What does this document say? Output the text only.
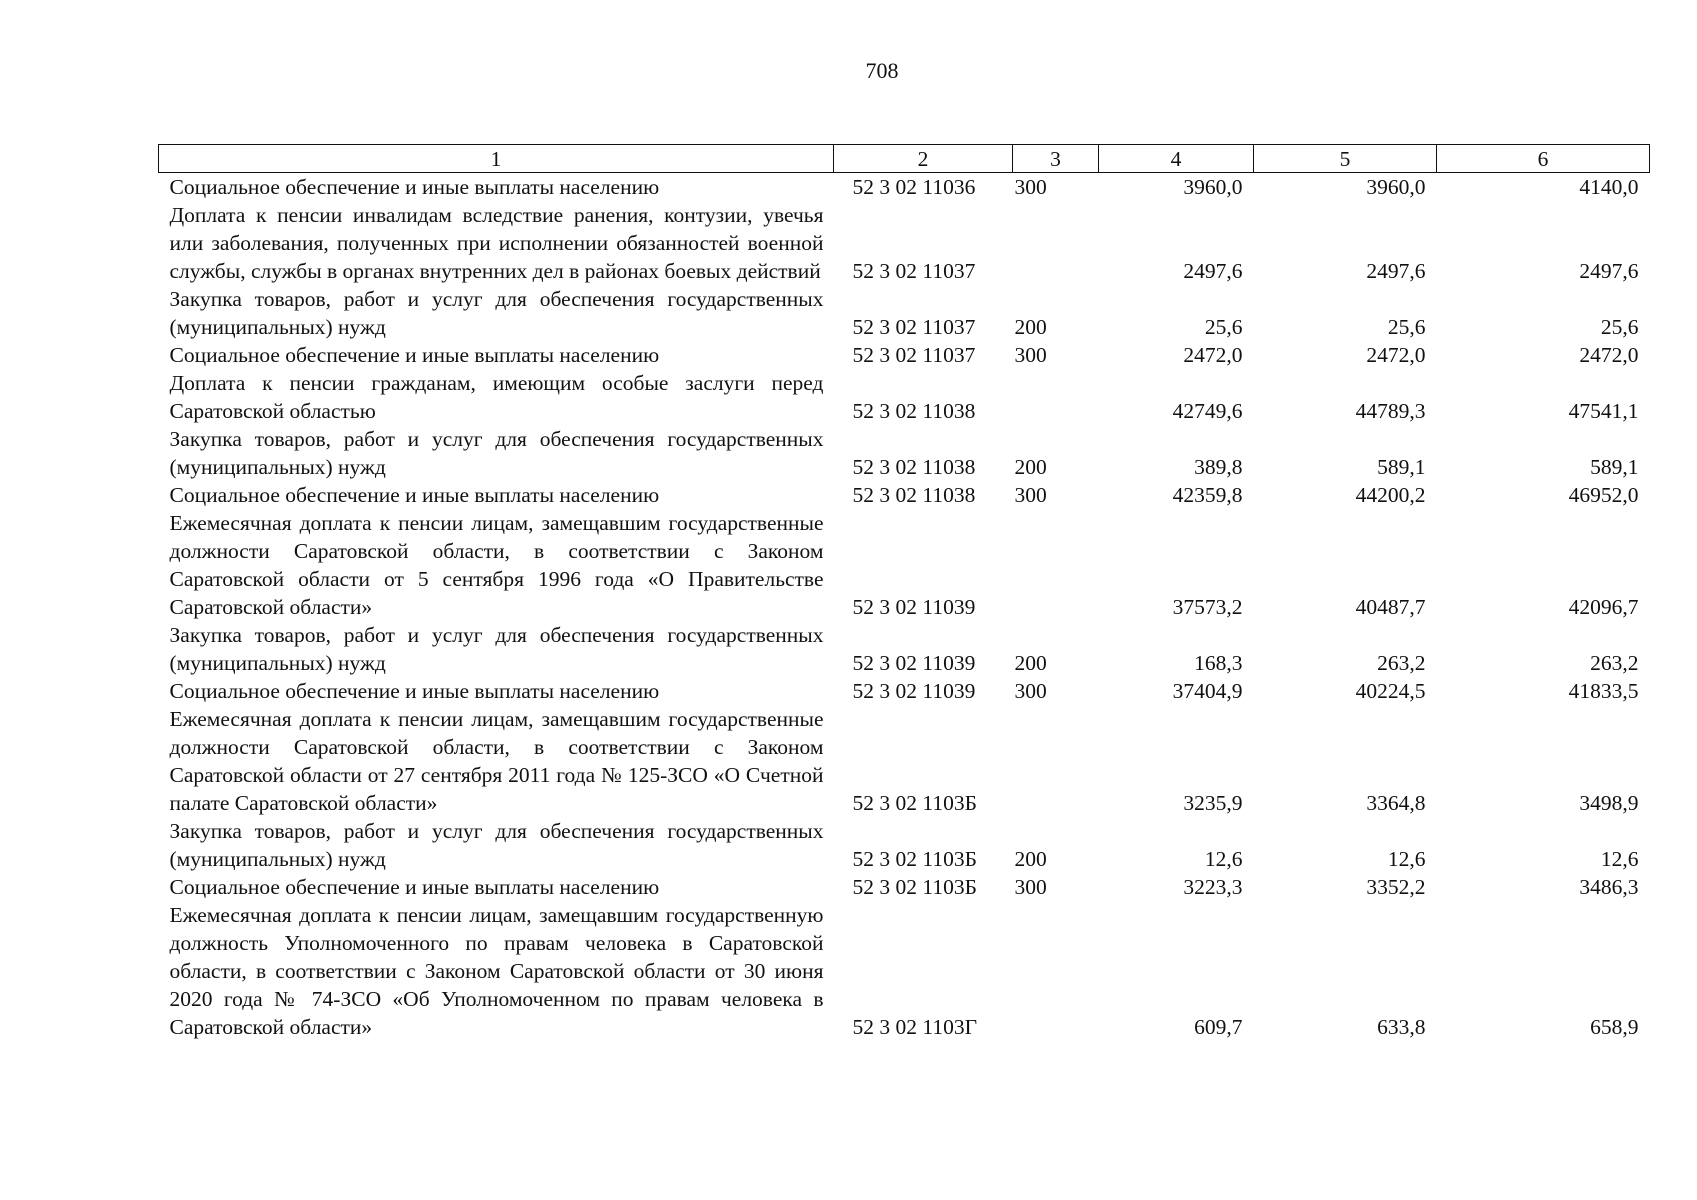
708
1	2	3	4	5	6

Социальное обеспечение и иные выплаты населению	52 3 02 11036	300	3960,0	3960,0	4140,0

Доплата к пенсии инвалидам вследствие ранения, контузии, увечья или заболевания, полученных при исполнении обязанностей военной службы, службы в органах внутренних дел в районах боевых действий	52 3 02 11037		2497,6	2497,6	2497,6

Закупка товаров, работ и услуг для обеспечения государственных (муниципальных) нужд	52 3 02 11037	200	25,6	25,6	25,6

Социальное обеспечение и иные выплаты населению	52 3 02 11037	300	2472,0	2472,0	2472,0

Доплата к пенсии гражданам, имеющим особые заслуги перед Саратовской областью	52 3 02 11038		42749,6	44789,3	47541,1

Закупка товаров, работ и услуг для обеспечения государственных (муниципальных) нужд	52 3 02 11038	200	389,8	589,1	589,1

Социальное обеспечение и иные выплаты населению	52 3 02 11038	300	42359,8	44200,2	46952,0

Ежемесячная доплата к пенсии лицам, замещавшим государственные должности Саратовской области, в соответствии с Законом Саратовской области от 5 сентября 1996 года «О Правительстве Саратовской области»	52 3 02 11039		37573,2	40487,7	42096,7

Закупка товаров, работ и услуг для обеспечения государственных (муниципальных) нужд	52 3 02 11039	200	168,3	263,2	263,2

Социальное обеспечение и иные выплаты населению	52 3 02 11039	300	37404,9	40224,5	41833,5

Ежемесячная доплата к пенсии лицам, замещавшим государственные должности Саратовской области, в соответствии с Законом Саратовской области от 27 сентября 2011 года № 125-ЗСО «О Счетной палате Саратовской области»	52 3 02 1103Б		3235,9	3364,8	3498,9

Закупка товаров, работ и услуг для обеспечения государственных (муниципальных) нужд	52 3 02 1103Б	200	12,6	12,6	12,6

Социальное обеспечение и иные выплаты населению	52 3 02 1103Б	300	3223,3	3352,2	3486,3

Ежемесячная доплата к пенсии лицам, замещавшим государственную должность Уполномоченного по правам человека в Саратовской области, в соответствии с Законом Саратовской области от 30 июня 2020 года № 74-ЗСО «Об Уполномоченном по правам человека в Саратовской области»	52 3 02 1103Г		609,7	633,8	658,9
